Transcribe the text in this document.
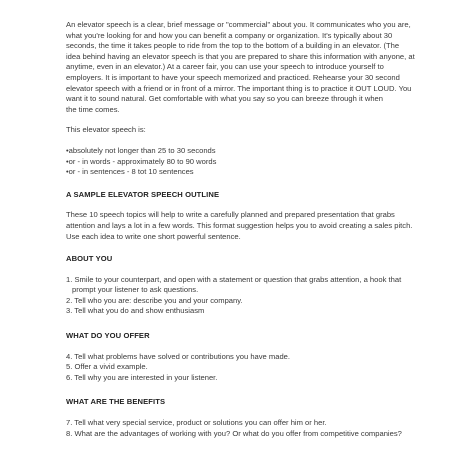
An elevator speech is a clear, brief message or "commercial" about you. It communicates who you are,
what you're looking for and how you can benefit a company or organization. It's typically about 30
seconds, the time it takes people to ride from the top to the bottom of a building in an elevator. (The
idea behind having an elevator speech is that you are prepared to share this information with anyone, at
anytime, even in an elevator.) At a career fair, you can use your speech to introduce yourself to
employers. It is important to have your speech memorized and practiced. Rehearse your 30 second
elevator speech with a friend or in front of a mirror. The important thing is to practice it OUT LOUD. You
want it to sound natural. Get comfortable with what you say so you can breeze through it when
the time comes.
This elevator speech is:
•absolutely not longer than 25 to 30 seconds
•or - in words - approximately 80 to 90 words
•or - in sentences - 8 tot 10 sentences
A SAMPLE ELEVATOR SPEECH OUTLINE
These 10 speech topics will help to write a carefully planned and prepared presentation that grabs
attention and lays a lot in a few words. This format suggestion helps you to avoid creating a sales pitch.
Use each idea to write one short powerful sentence.
ABOUT YOU
1. Smile to your counterpart, and open with a statement or question that grabs attention, a hook that
prompt your listener to ask questions.
2. Tell who you are: describe you and your company.
3. Tell what you do and show enthusiasm
WHAT DO YOU OFFER
4. Tell what problems have solved or contributions you have made.
5. Offer a vivid example.
6. Tell why you are interested in your listener.
WHAT ARE THE BENEFITS
7. Tell what very special service, product or solutions you can offer him or her.
8. What are the advantages of working with you? Or what do you offer from competitive companies?
